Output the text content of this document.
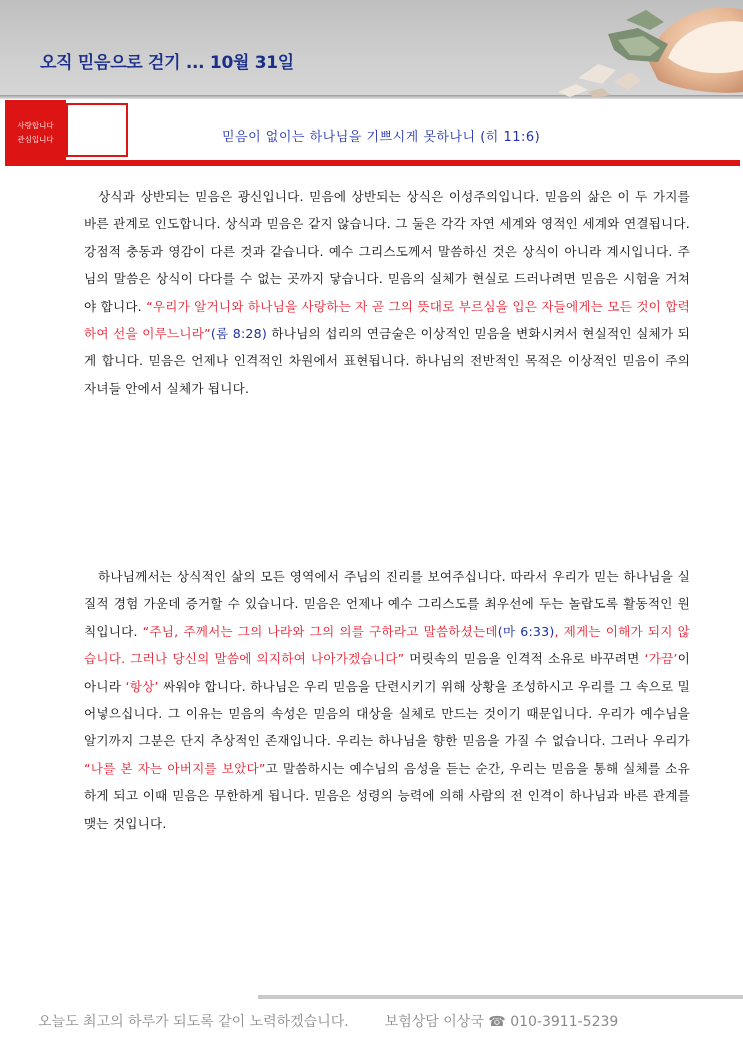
오직 믿음으로 걷기 ... 10월 31일
사랑합니다
관심입니다	믿음이 없이는 하나님을 기쁘시게 못하나니 (히 11:6)
상식과 상반되는 믿음은 광신입니다. 믿음에 상반되는 상식은 이성주의입니다. 믿음의 삶은 이 두 가지를 바른 관계로 인도합니다. 상식과 믿음은 같지 않습니다. 그 둘은 각각 자연 세계와 영적인 세계와 연결됩니다. 강점적 충동과 영감이 다른 것과 같습니다. 예수 그리스도께서 말씀하신 것은 상식이 아니라 계시입니다. 주님의 말씀은 상식이 다다를 수 없는 곳까지 닿습니다. 믿음의 실체가 현실로 드러나려면 믿음은 시험을 거쳐야 합니다. “우리가 알거니와 하나님을 사랑하는 자 곧 그의 뜻대로 부르심을 입은 자들에게는 모든 것이 합력하여 선을 이루느니라”(롬 8:28) 하나님의 섭리의 연금술은 이상적인 믿음을 변화시켜서 현실적인 실체가 되게 합니다. 믿음은 언제나 인격적인 차원에서 표현됩니다. 하나님의 전반적인 목적은 이상적인 믿음이 주의 자녀들 안에서 실체가 됩니다.
하나님께서는 상식적인 삶의 모든 영역에서 주님의 진리를 보여주십니다. 따라서 우리가 믿는 하나님을 실질적 경험 가운데 증거할 수 있습니다. 믿음은 언제나 예수 그리스도를 최우선에 두는 놀랍도록 활동적인 원칙입니다. “주님, 주께서는 그의 나라와 그의 의를 구하라고 말씀하셨는데(마 6:33), 제게는 이해가 되지 않습니다. 그러나 당신의 말씀에 의지하여 나아가겠습니다” 머릿속의 믿음을 인격적 소유로 바꾸려면 ‘가끔’이 아니라 ‘항상’ 싸워야 합니다. 하나님은 우리 믿음을 단련시키기 위해 상황을 조성하시고 우리를 그 속으로 밀어넣으십니다. 그 이유는 믿음의 속성은 믿음의 대상을 실체로 만드는 것이기 때문입니다. 우리가 예수님을 알기까지 그분은 단지 추상적인 존재입니다. 우리는 하나님을 향한 믿음을 가질 수 없습니다. 그러나 우리가 “나를 본 자는 아버지를 보았다”고 말씀하시는 예수님의 음성을 듣는 순간, 우리는 믿음을 통해 실체를 소유하게 되고 이때 믿음은 무한하게 됩니다. 믿음은 성령의 능력에 의해 사람의 전 인격이 하나님과 바른 관계를 맺는 것입니다.
오늘도 최고의 하루가 되도록 같이 노력하겠습니다.	보험상담 이상국 ☎ 010-3911-5239
